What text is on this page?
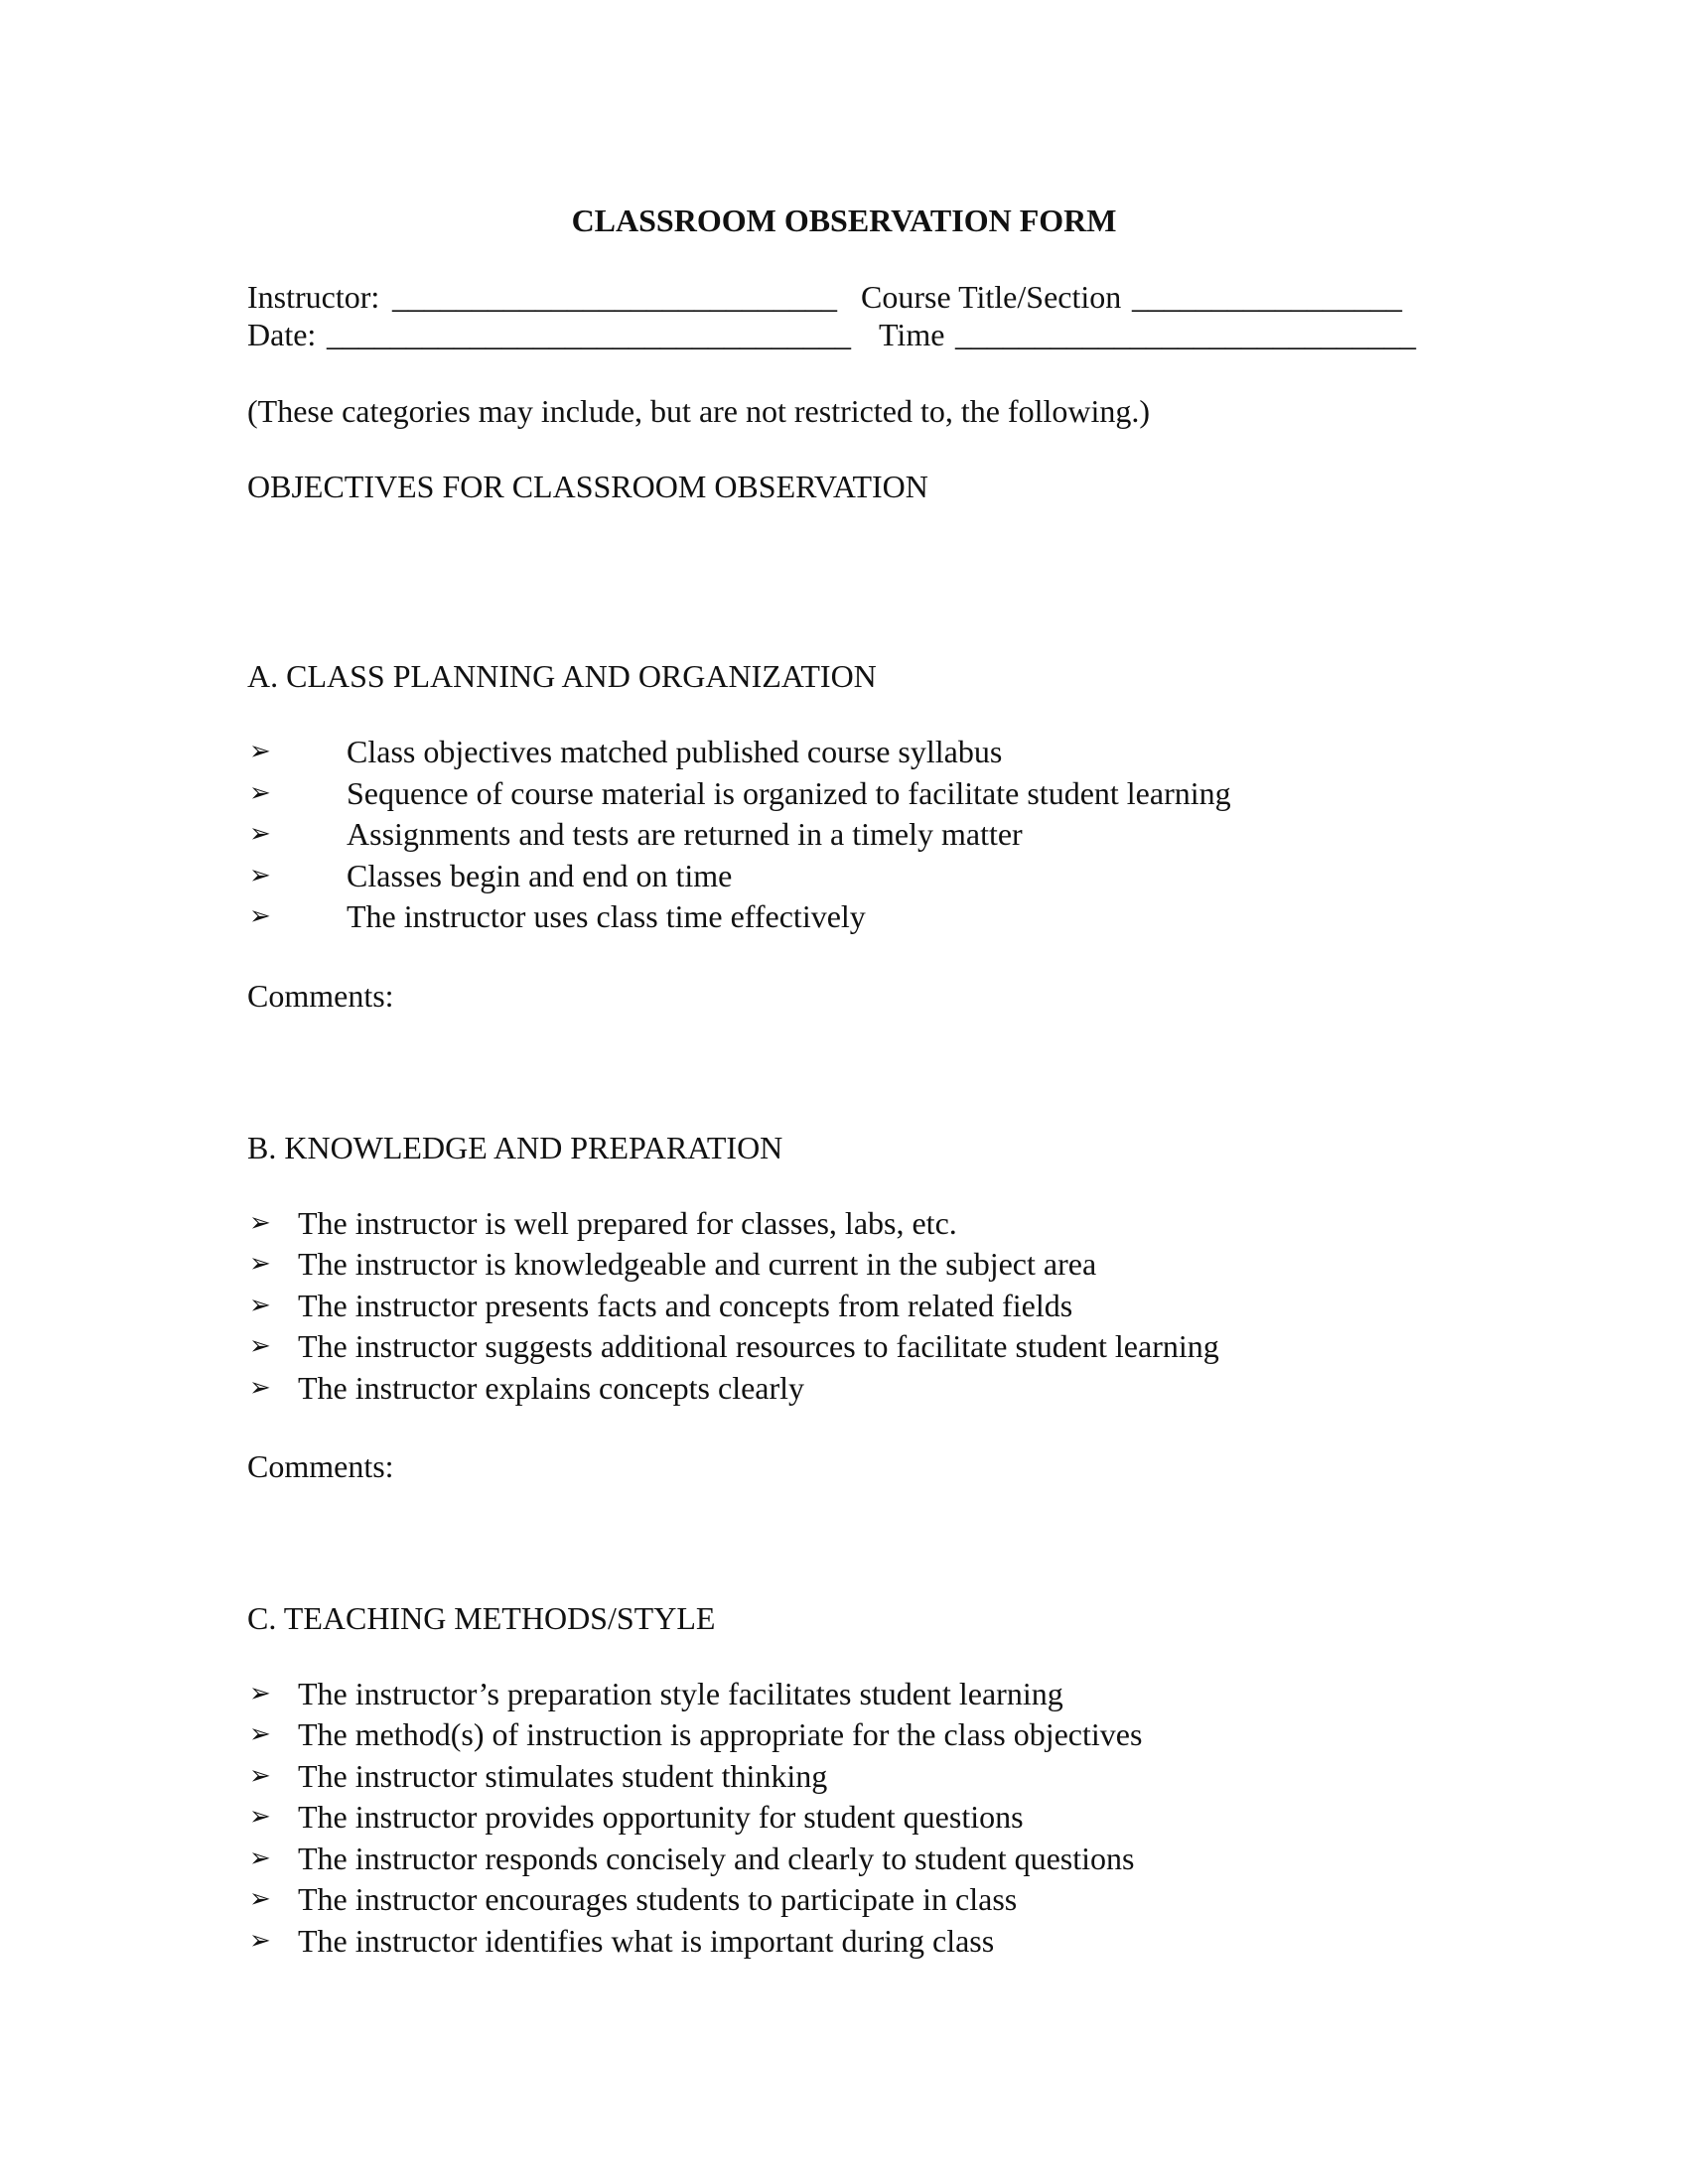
CLASSROOM OBSERVATION FORM
Instructor: ____________________________ Course Title/Section _________________
Date: _________________________________ Time _____________________________
(These categories may include, but are not restricted to, the following.)
OBJECTIVES FOR CLASSROOM OBSERVATION
A. CLASS PLANNING AND ORGANIZATION
➢ Class objectives matched published course syllabus
➢ Sequence of course material is organized to facilitate student learning
➢ Assignments and tests are returned in a timely matter
➢ Classes begin and end on time
➢ The instructor uses class time effectively
Comments:
B. KNOWLEDGE AND PREPARATION
➢ The instructor is well prepared for classes, labs, etc.
➢ The instructor is knowledgeable and current in the subject area
➢ The instructor presents facts and concepts from related fields
➢ The instructor suggests additional resources to facilitate student learning
➢ The instructor explains concepts clearly
Comments:
C. TEACHING METHODS/STYLE
➢ The instructor’s preparation style facilitates student learning
➢ The method(s) of instruction is appropriate for the class objectives
➢ The instructor stimulates student thinking
➢ The instructor provides opportunity for student questions
➢ The instructor responds concisely and clearly to student questions
➢ The instructor encourages students to participate in class
➢ The instructor identifies what is important during class
